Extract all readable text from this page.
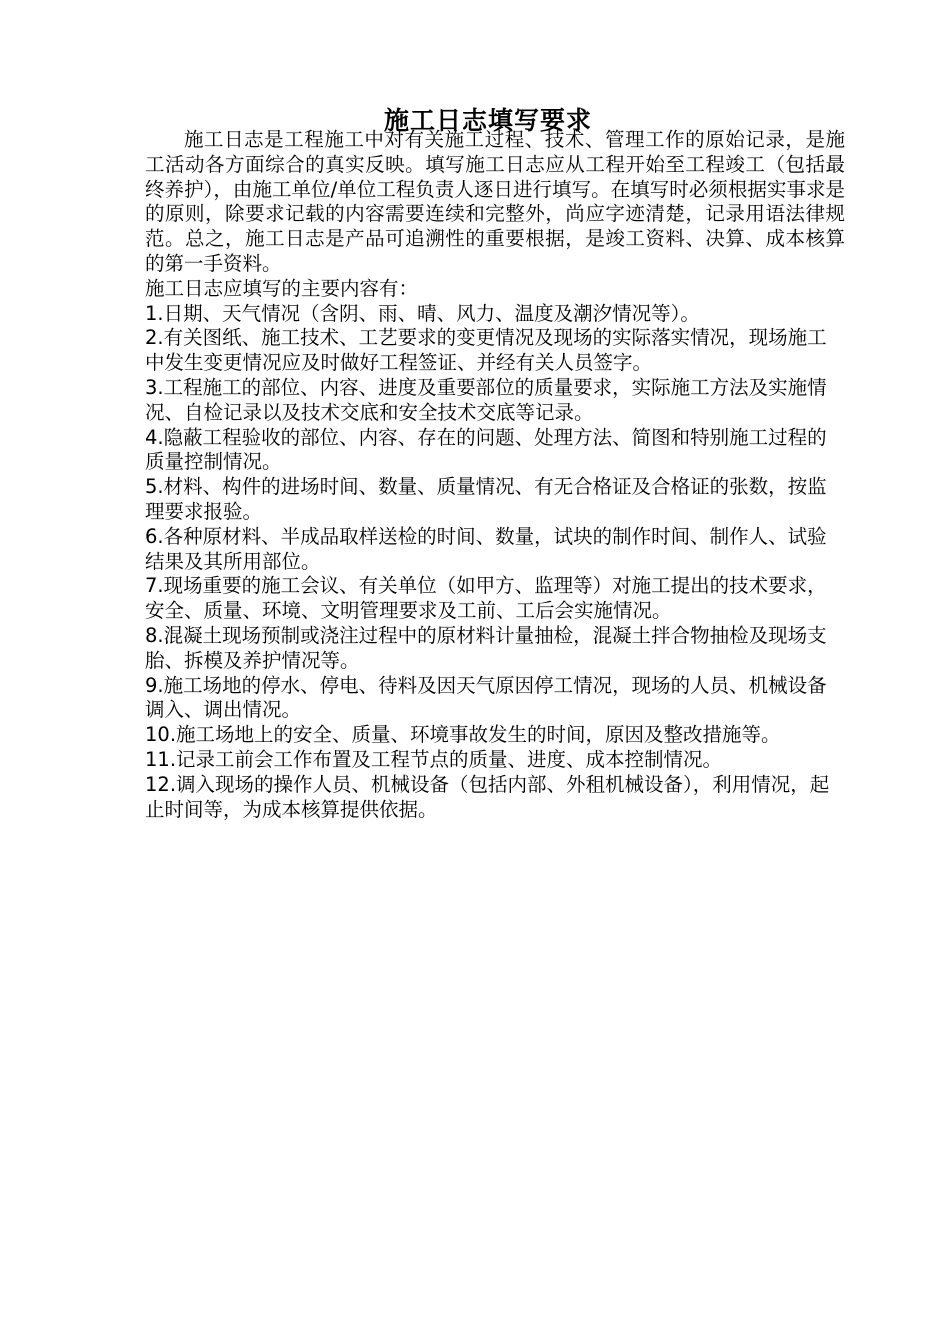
施工日志填写要求

施工日志是工程施工中对有关施工过程、技术、管理工作的原始记录，是施工活动各方面综合的真实反映。填写施工日志应从工程开始至工程竣工（包括最终养护），由施工单位/单位工程负责人逐日进行填写。在填写时必须根据实事求是的原则，除要求记载的内容需要连续和完整外，尚应字迹清楚，记录用语法律规范。总之，施工日志是产品可追溯性的重要根据，是竣工资料、决算、成本核算的第一手资料。

施工日志应填写的主要内容有：

1.日期、天气情况（含阴、雨、晴、风力、温度及潮汐情况等）。

2.有关图纸、施工技术、工艺要求的变更情况及现场的实际落实情况，现场施工中发生变更情况应及时做好工程签证、并经有关人员签字。

3.工程施工的部位、内容、进度及重要部位的质量要求，实际施工方法及实施情况、自检记录以及技术交底和安全技术交底等记录。

4.隐蔽工程验收的部位、内容、存在的问题、处理方法、简图和特别施工过程的质量控制情况。

5.材料、构件的进场时间、数量、质量情况、有无合格证及合格证的张数，按监理要求报验。

6.各种原材料、半成品取样送检的时间、数量，试块的制作时间、制作人、试验结果及其所用部位。

7.现场重要的施工会议、有关单位（如甲方、监理等）对施工提出的技术要求，安全、质量、环境、文明管理要求及工前、工后会实施情况。

8.混凝土现场预制或浇注过程中的原材料计量抽检，混凝土拌合物抽检及现场支胎、拆模及养护情况等。

9.施工场地的停水、停电、待料及因天气原因停工情况，现场的人员、机械设备调入、调出情况。

10.施工场地上的安全、质量、环境事故发生的时间，原因及整改措施等。

11.记录工前会工作布置及工程节点的质量、进度、成本控制情况。

12.调入现场的操作人员、机械设备（包括内部、外租机械设备），利用情况，起止时间等，为成本核算提供依据。
